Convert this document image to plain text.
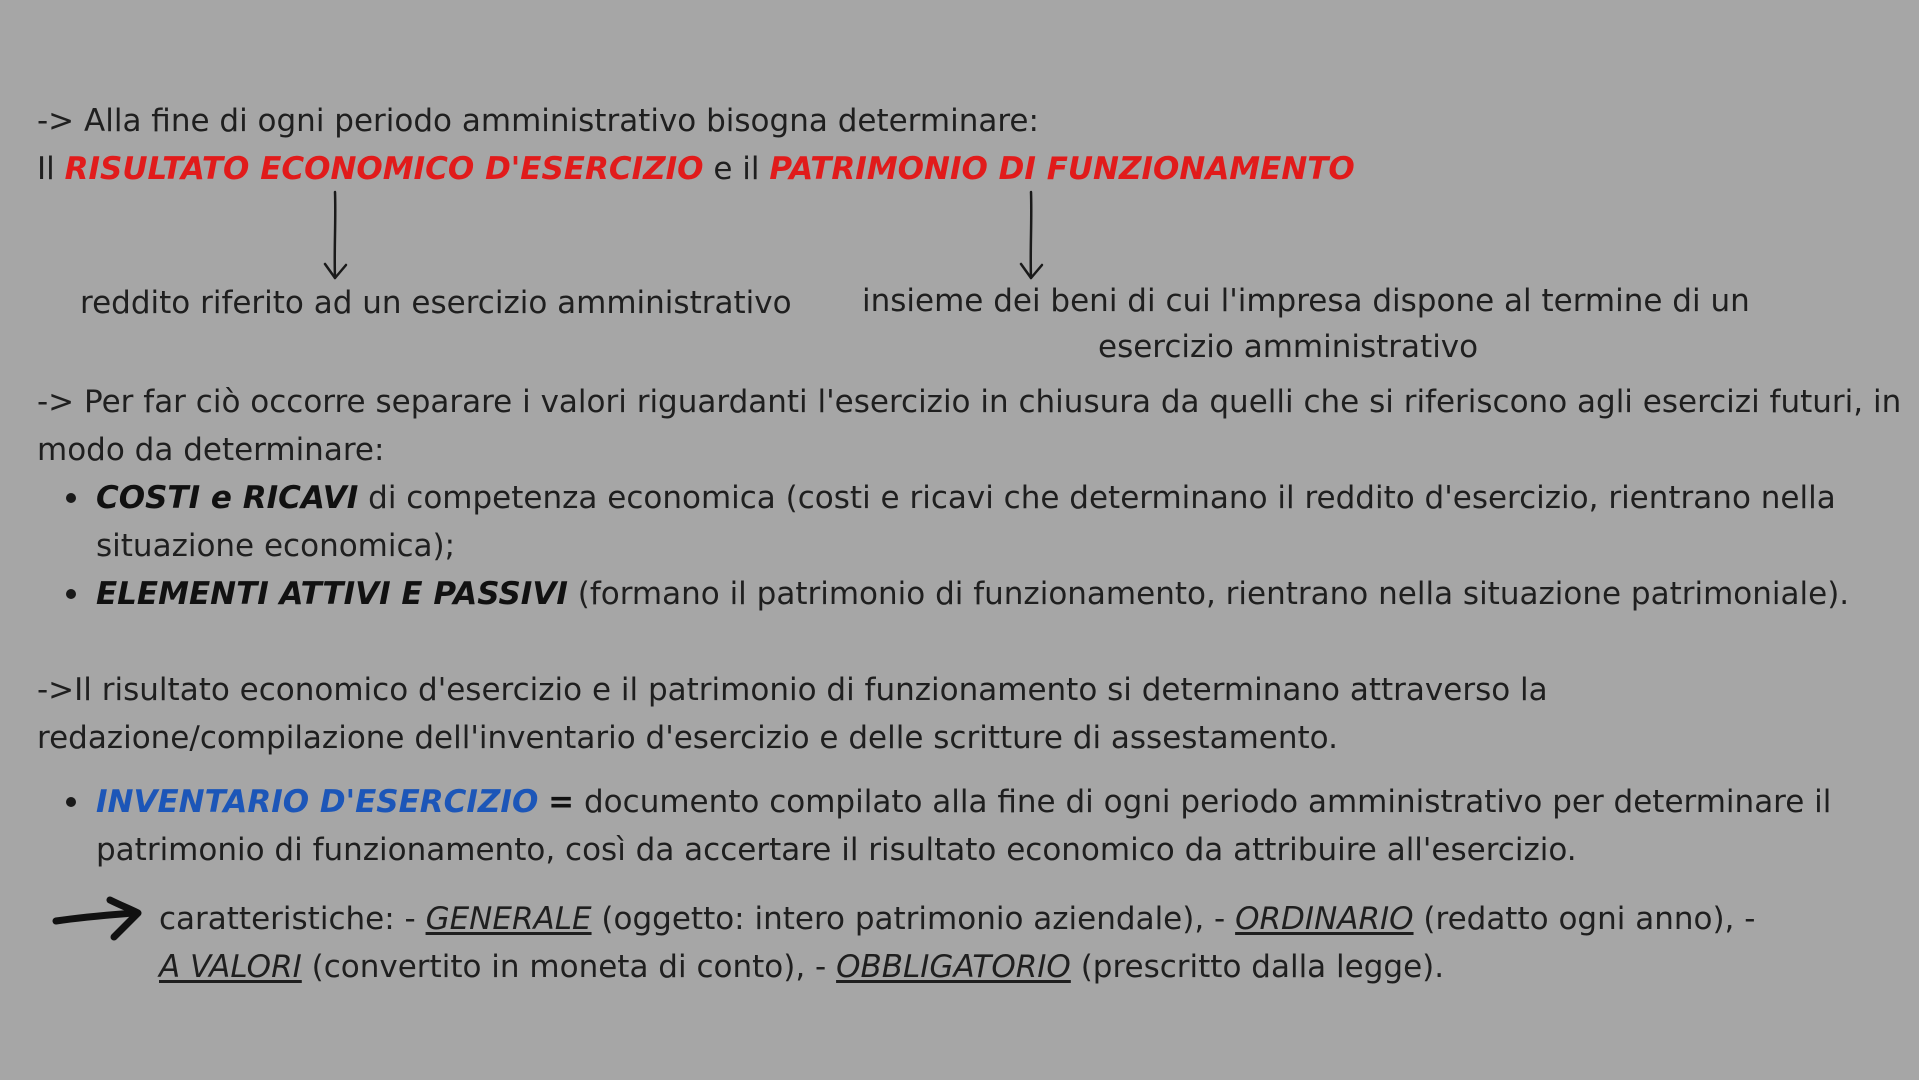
-> Alla fine di ogni periodo amministrativo bisogna determinare:
Il RISULTATO ECONOMICO D'ESERCIZIO e il PATRIMONIO DI FUNZIONAMENTO
reddito riferito ad un esercizio amministrativo insieme dei beni di cui l'impresa dispone al termine di un
esercizio amministrativo
-> Per far ciò occorre separare i valori riguardanti l'esercizio in chiusura da quelli che si riferiscono agli esercizi futuri, in
modo da determinare:
COSTI e RICAVI di competenza economica (costi e ricavi che determinano il reddito d'esercizio, rientrano nella
situazione economica);
ELEMENTI ATTIVI E PASSIVI (formano il patrimonio di funzionamento, rientrano nella situazione patrimoniale).
->Il risultato economico d'esercizio e il patrimonio di funzionamento si determinano attraverso la
redazione/compilazione dell'inventario d'esercizio e delle scritture di assestamento.
INVENTARIO D'ESERCIZIO = documento compilato alla fine di ogni periodo amministrativo per determinare il
patrimonio di funzionamento, così da accertare il risultato economico da attribuire all'esercizio.
caratteristiche: - GENERALE (oggetto: intero patrimonio aziendale), - ORDINARIO (redatto ogni anno), -
A VALORI (convertito in moneta di conto), - OBBLIGATORIO (prescritto dalla legge).
